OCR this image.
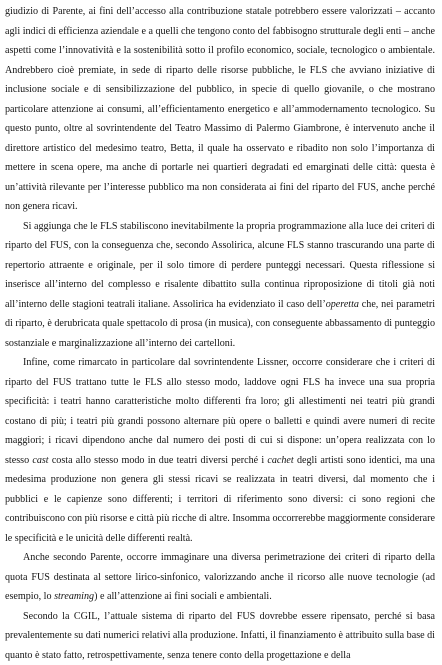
giudizio di Parente, ai fini dell’accesso alla contribuzione statale potrebbero essere valorizzati – accanto agli indici di efficienza aziendale e a quelli che tengono conto del fabbisogno strutturale degli enti – anche aspetti come l’innovatività e la sostenibilità sotto il profilo economico, sociale, tecnologico o ambientale. Andrebbero cioè premiate, in sede di riparto delle risorse pubbliche, le FLS che avviano iniziative di inclusione sociale e di sensibilizzazione del pubblico, in specie di quello giovanile, o che mostrano particolare attenzione ai consumi, all’efficientamento energetico e all’ammodernamento tecnologico. Su questo punto, oltre al sovrintendente del Teatro Massimo di Palermo Giambrone, è intervenuto anche il direttore artistico del medesimo teatro, Betta, il quale ha osservato e ribadito non solo l’importanza di mettere in scena opere, ma anche di portarle nei quartieri degradati ed emarginati delle città: questa è un’attività rilevante per l’interesse pubblico ma non considerata ai fini del riparto del FUS, anche perché non genera ricavi.

Si aggiunga che le FLS stabiliscono inevitabilmente la propria programmazione alla luce dei criteri di riparto del FUS, con la conseguenza che, secondo Assolirica, alcune FLS stanno trascurando una parte di repertorio attraente e originale, per il solo timore di perdere punteggi necessari. Questa riflessione si inserisce all’interno del complesso e risalente dibattito sulla continua riproposizione di titoli già noti all’interno delle stagioni teatrali italiane. Assolirica ha evidenziato il caso dell’operetta che, nei parametri di riparto, è derubricata quale spettacolo di prosa (in musica), con conseguente abbassamento di punteggio sostanziale e marginalizzazione all’interno dei cartelloni.

Infine, come rimarcato in particolare dal sovrintendente Lissner, occorre considerare che i criteri di riparto del FUS trattano tutte le FLS allo stesso modo, laddove ogni FLS ha invece una sua propria specificità: i teatri hanno caratteristiche molto differenti fra loro; gli allestimenti nei teatri più grandi costano di più; i teatri più grandi possono alternare più opere o balletti e quindi avere numeri di recite maggiori; i ricavi dipendono anche dal numero dei posti di cui si dispone: un’opera realizzata con lo stesso cast costa allo stesso modo in due teatri diversi perché i cachet degli artisti sono identici, ma una medesima produzione non genera gli stessi ricavi se realizzata in teatri diversi, dal momento che i pubblici e le capienze sono differenti; i territori di riferimento sono diversi: ci sono regioni che contribuiscono con più risorse e città più ricche di altre. Insomma occorrerebbe maggiormente considerare le specificità e le unicità delle differenti realtà.

Anche secondo Parente, occorre immaginare una diversa perimetrazione dei criteri di riparto della quota FUS destinata al settore lirico-sinfonico, valorizzando anche il ricorso alle nuove tecnologie (ad esempio, lo streaming) e all’attenzione ai fini sociali e ambientali.

Secondo la CGIL, l’attuale sistema di riparto del FUS dovrebbe essere ripensato, perché si basa prevalentemente su dati numerici relativi alla produzione. Infatti, il finanziamento è attribuito sulla base di quanto è stato fatto, retrospettivamente, senza tenere conto della progettazione e della
